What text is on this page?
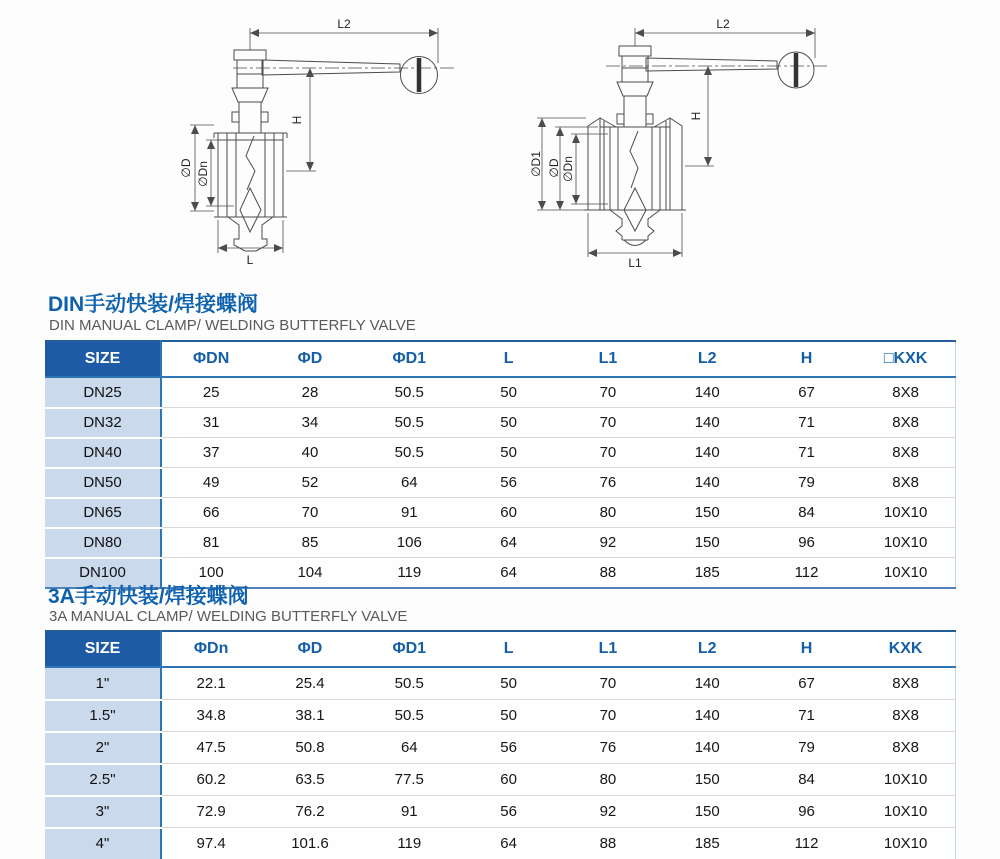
L2
H
∅D ∅Dn
L
L2
H
∅D1 ∅D ∅Dn
L1
DIN手动快装/焊接蝶阀
DIN MANUAL CLAMP/ WELDING BUTTERFLY VALVE
SIZE	ΦDN	ΦD	ΦD1	L	L1	L2	H	□KXK
DN25	25	28	50.5	50	70	140	67	8X8
DN32	31	34	50.5	50	70	140	71	8X8
DN40	37	40	50.5	50	70	140	71	8X8
DN50	49	52	64	56	76	140	79	8X8
DN65	66	70	91	60	80	150	84	10X10
DN80	81	85	106	64	92	150	96	10X10
DN100	100	104	119	64	88	185	112	10X10
3A手动快装/焊接蝶阀
3A MANUAL CLAMP/ WELDING BUTTERFLY VALVE
SIZE	ΦDn	ΦD	ΦD1	L	L1	L2	H	KXK
1"	22.1	25.4	50.5	50	70	140	67	8X8
1.5"	34.8	38.1	50.5	50	70	140	71	8X8
2"	47.5	50.8	64	56	76	140	79	8X8
2.5"	60.2	63.5	77.5	60	80	150	84	10X10
3"	72.9	76.2	91	56	92	150	96	10X10
4"	97.4	101.6	119	64	88	185	112	10X10
